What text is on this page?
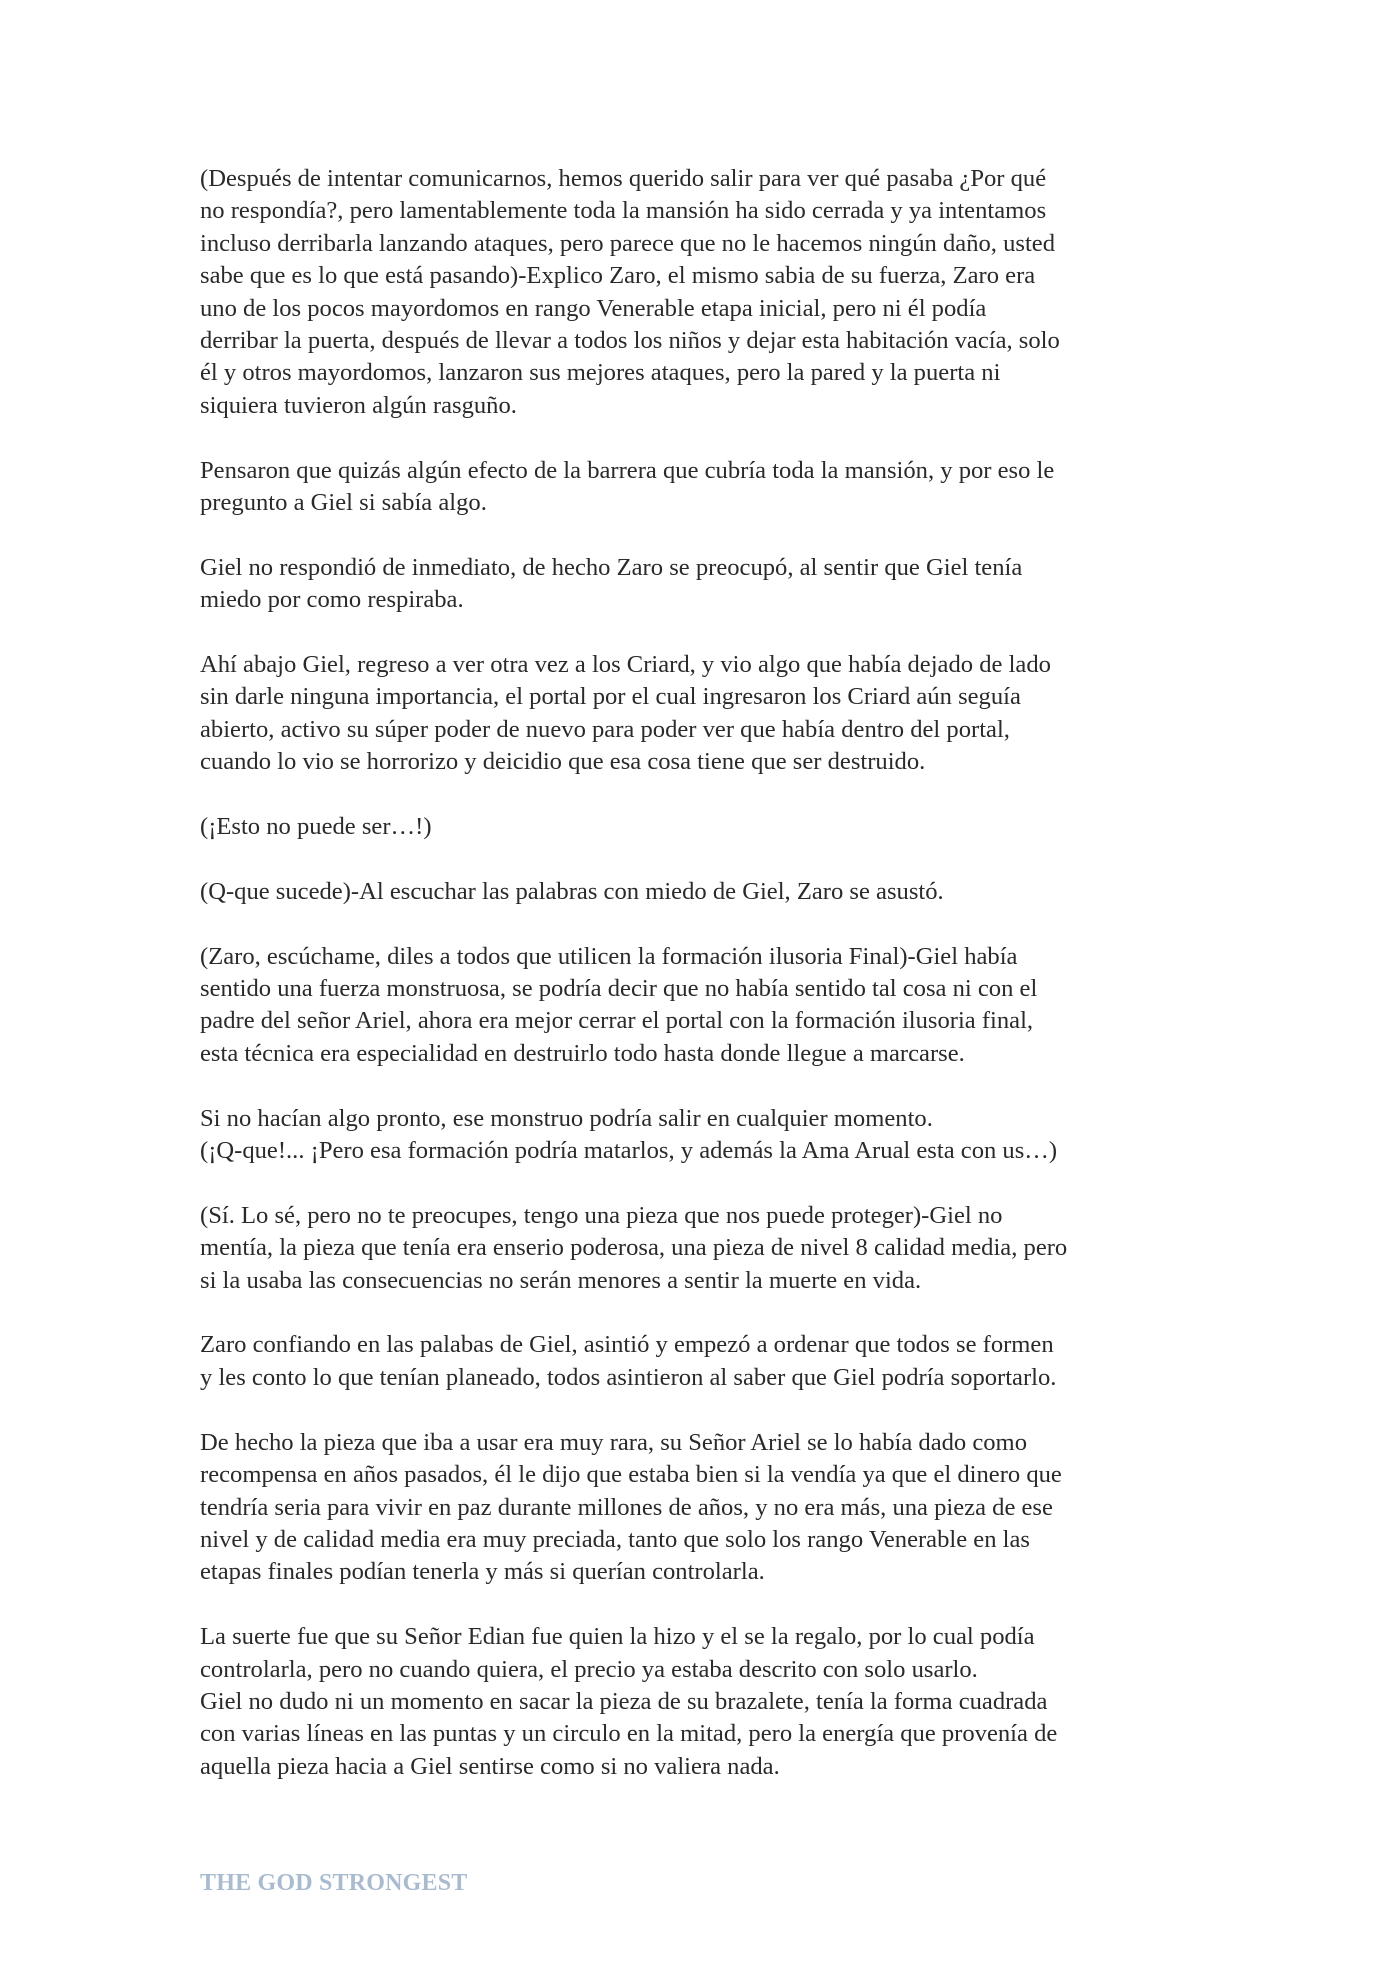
(Después de intentar comunicarnos, hemos querido salir para ver qué pasaba ¿Por qué
no respondía?, pero lamentablemente toda la mansión ha sido cerrada y ya intentamos
incluso derribarla lanzando ataques, pero parece que no le hacemos ningún daño, usted
sabe que es lo que está pasando)-Explico Zaro, el mismo sabia de su fuerza, Zaro era
uno de los pocos mayordomos en rango Venerable etapa inicial, pero ni él podía
derribar la puerta, después de llevar a todos los niños y dejar esta habitación vacía, solo
él y otros mayordomos, lanzaron sus mejores ataques, pero la pared y la puerta ni
siquiera tuvieron algún rasguño.

Pensaron que quizás algún efecto de la barrera que cubría toda la mansión, y por eso le
pregunto a Giel si sabía algo.

Giel no respondió de inmediato, de hecho Zaro se preocupó, al sentir que Giel tenía
miedo por como respiraba.

Ahí abajo Giel, regreso a ver otra vez a los Criard, y vio algo que había dejado de lado
sin darle ninguna importancia, el portal por el cual ingresaron los Criard aún seguía
abierto, activo su súper poder de nuevo para poder ver que había dentro del portal,
cuando lo vio se horrorizo y deicidio que esa cosa tiene que ser destruido.

(¡Esto no puede ser…!)

(Q-que sucede)-Al escuchar las palabras con miedo de Giel, Zaro se asustó.

(Zaro, escúchame, diles a todos que utilicen la formación ilusoria Final)-Giel había
sentido una fuerza monstruosa, se podría decir que no había sentido tal cosa ni con el
padre del señor Ariel, ahora era mejor cerrar el portal con la formación ilusoria final,
esta técnica era especialidad en destruirlo todo hasta donde llegue a marcarse.

Si no hacían algo pronto, ese monstruo podría salir en cualquier momento.
(¡Q-que!... ¡Pero esa formación podría matarlos, y además la Ama Arual esta con us…)

(Sí. Lo sé, pero no te preocupes, tengo una pieza que nos puede proteger)-Giel no
mentía, la pieza que tenía era enserio poderosa, una pieza de nivel 8 calidad media, pero
si la usaba las consecuencias no serán menores a sentir la muerte en vida.

Zaro confiando en las palabas de Giel, asintió y empezó a ordenar que todos se formen
y les conto lo que tenían planeado, todos asintieron al saber que Giel podría soportarlo.

De hecho la pieza que iba a usar era muy rara, su Señor Ariel se lo había dado como
recompensa en años pasados, él le dijo que estaba bien si la vendía ya que el dinero que
tendría seria para vivir en paz durante millones de años, y no era más, una pieza de ese
nivel y de calidad media era muy preciada, tanto que solo los rango Venerable en las
etapas finales podían tenerla y más si querían controlarla.

La suerte fue que su Señor Edian fue quien la hizo y el se la regalo, por lo cual podía
controlarla, pero no cuando quiera, el precio ya estaba descrito con solo usarlo.
Giel no dudo ni un momento en sacar la pieza de su brazalete, tenía la forma cuadrada
con varias líneas en las puntas y un circulo en la mitad, pero la energía que provenía de
aquella pieza hacia a Giel sentirse como si no valiera nada.

THE GOD STRONGEST
